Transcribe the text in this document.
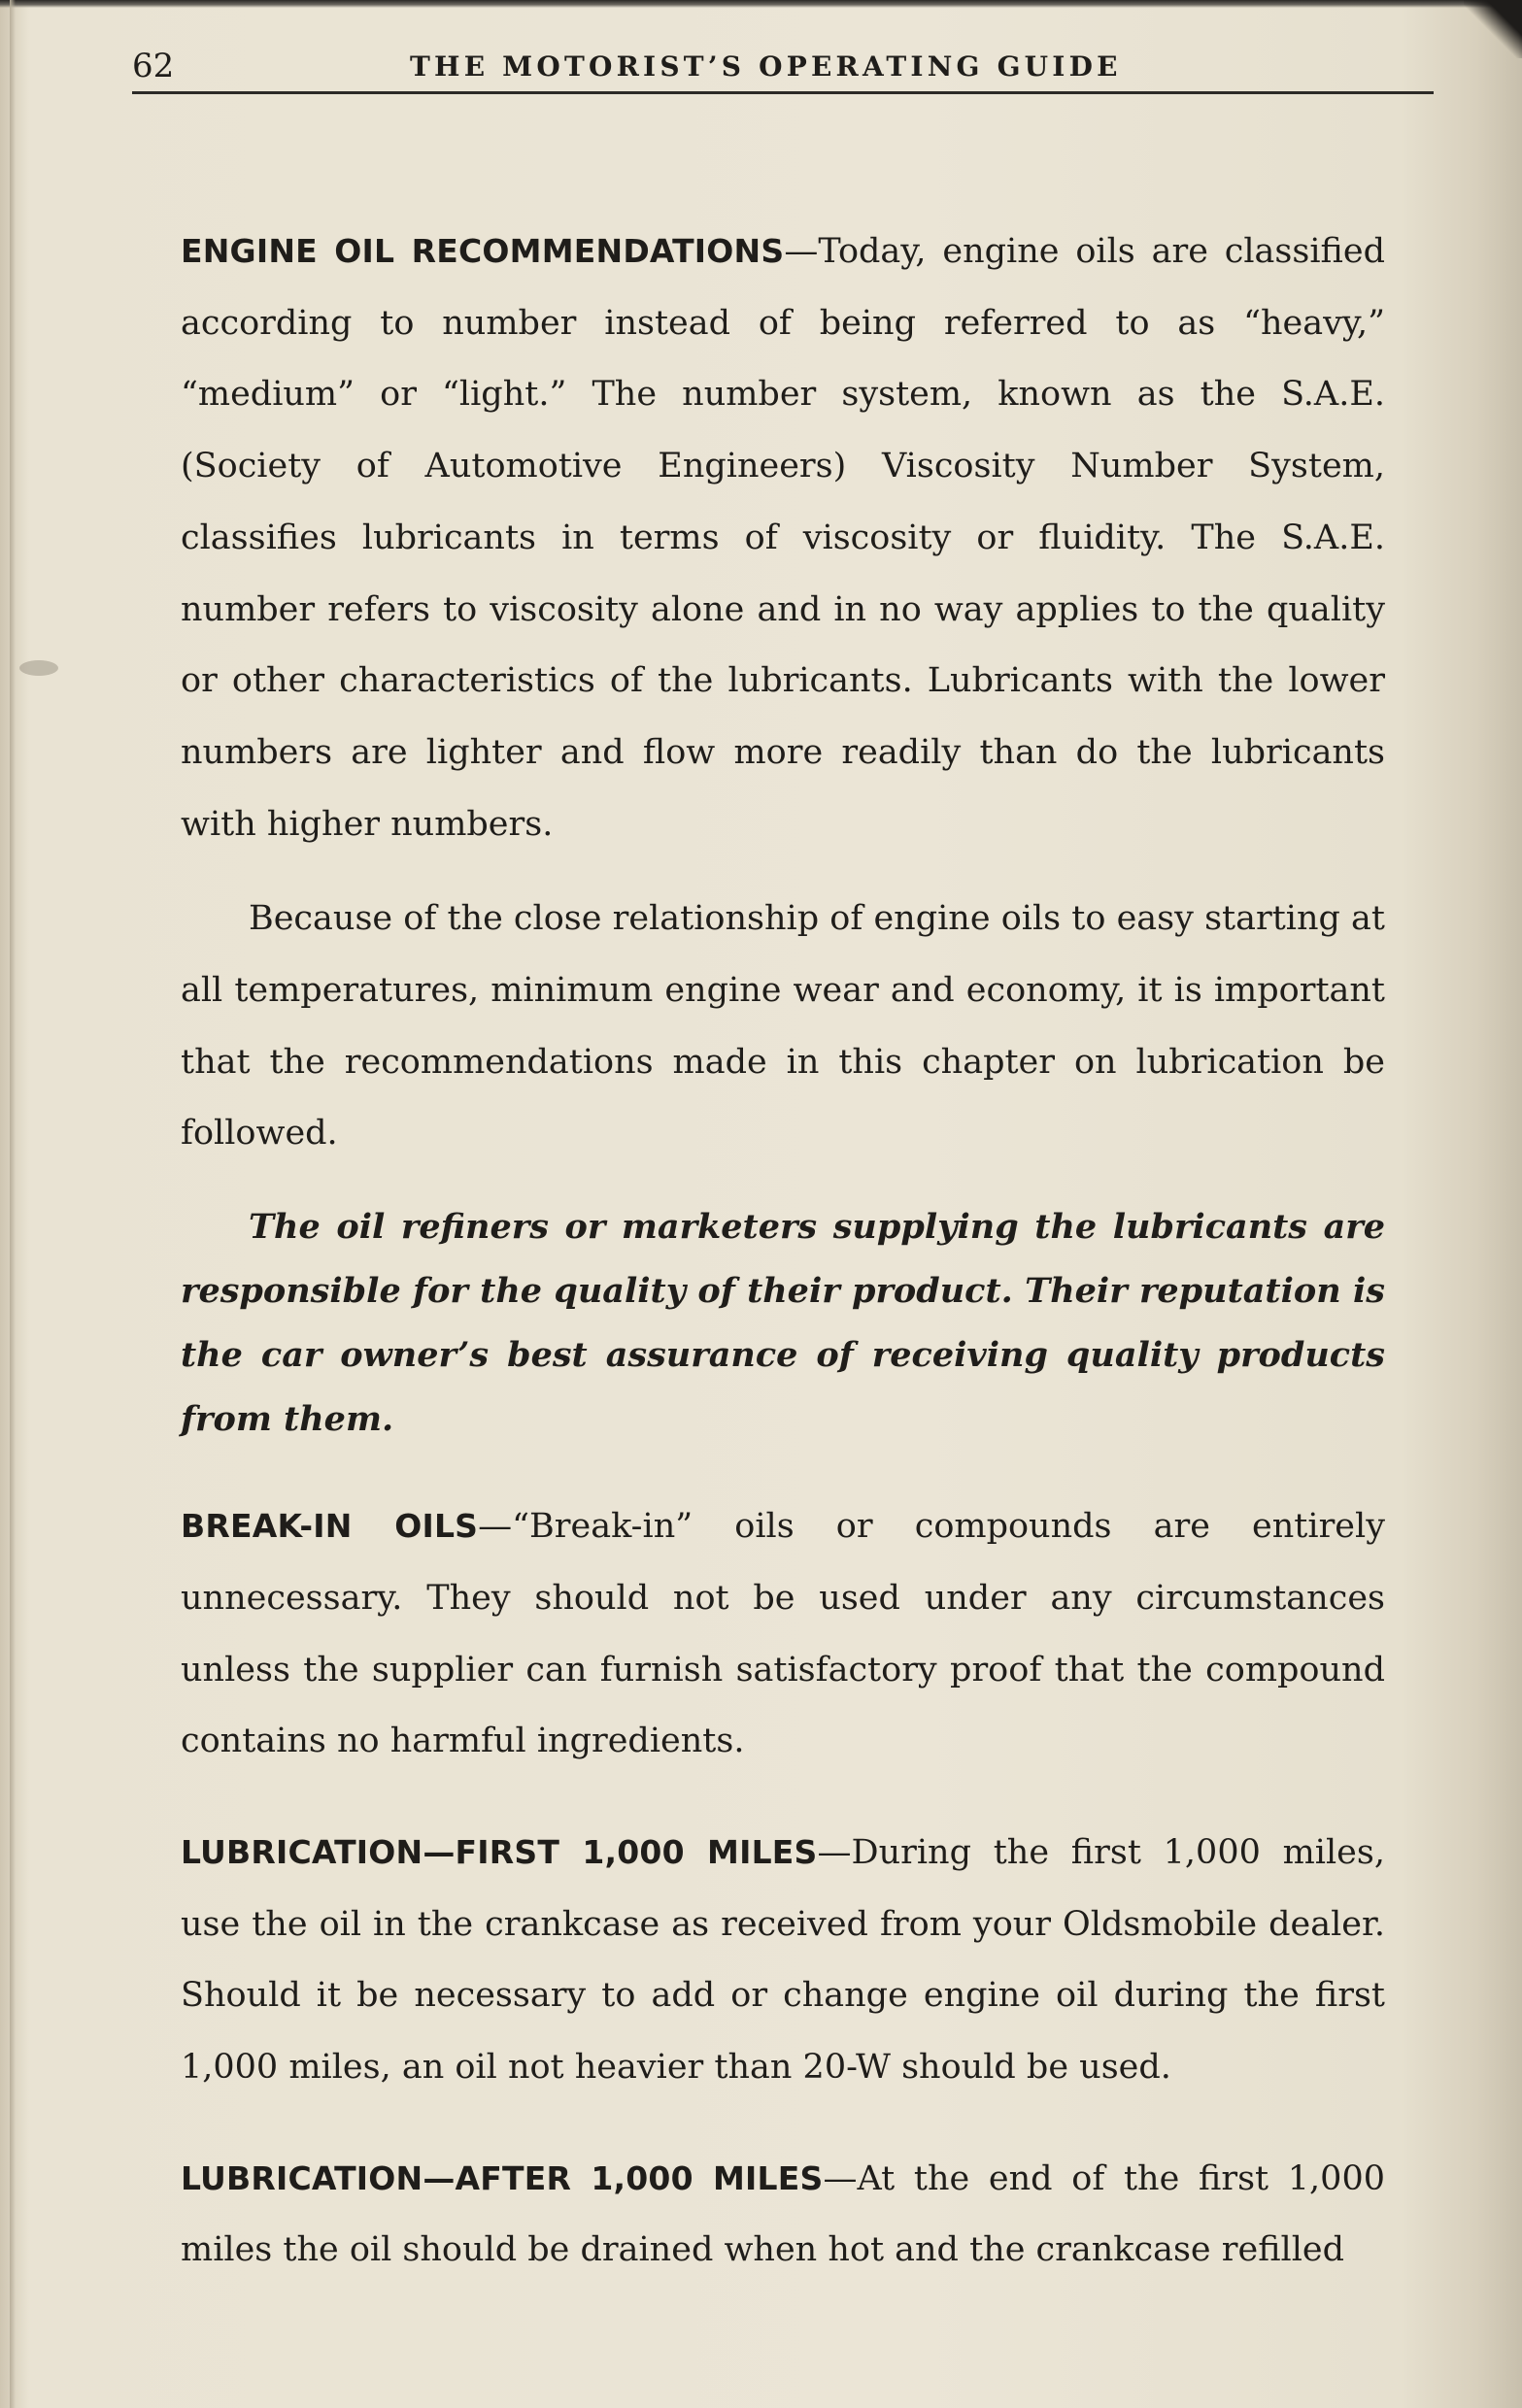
62	THE MOTORIST’S OPERATING GUIDE

ENGINE OIL RECOMMENDATIONS—Today, engine oils are classified according to number instead of being referred to as “heavy,” “medium” or “light.” The number system, known as the S.A.E. (Society of Automotive Engineers) Viscosity Number System, classifies lubricants in terms of viscosity or fluidity. The S.A.E. number refers to viscosity alone and in no way applies to the quality or other characteristics of the lubricants. Lubricants with the lower numbers are lighter and flow more readily than do the lubricants with higher numbers.

Because of the close relationship of engine oils to easy starting at all temperatures, minimum engine wear and economy, it is important that the recommendations made in this chapter on lubrication be followed.

The oil refiners or marketers supplying the lubricants are responsible for the quality of their product. Their reputation is the car owner’s best assurance of receiving quality products from them.

BREAK-IN OILS—“Break-in” oils or compounds are entirely unnecessary. They should not be used under any circumstances unless the supplier can furnish satisfactory proof that the compound contains no harmful ingredients.

LUBRICATION—FIRST 1,000 MILES—During the first 1,000 miles, use the oil in the crankcase as received from your Oldsmobile dealer. Should it be necessary to add or change engine oil during the first 1,000 miles, an oil not heavier than 20-W should be used.

LUBRICATION—AFTER 1,000 MILES—At the end of the first 1,000 miles the oil should be drained when hot and the crankcase refilled
